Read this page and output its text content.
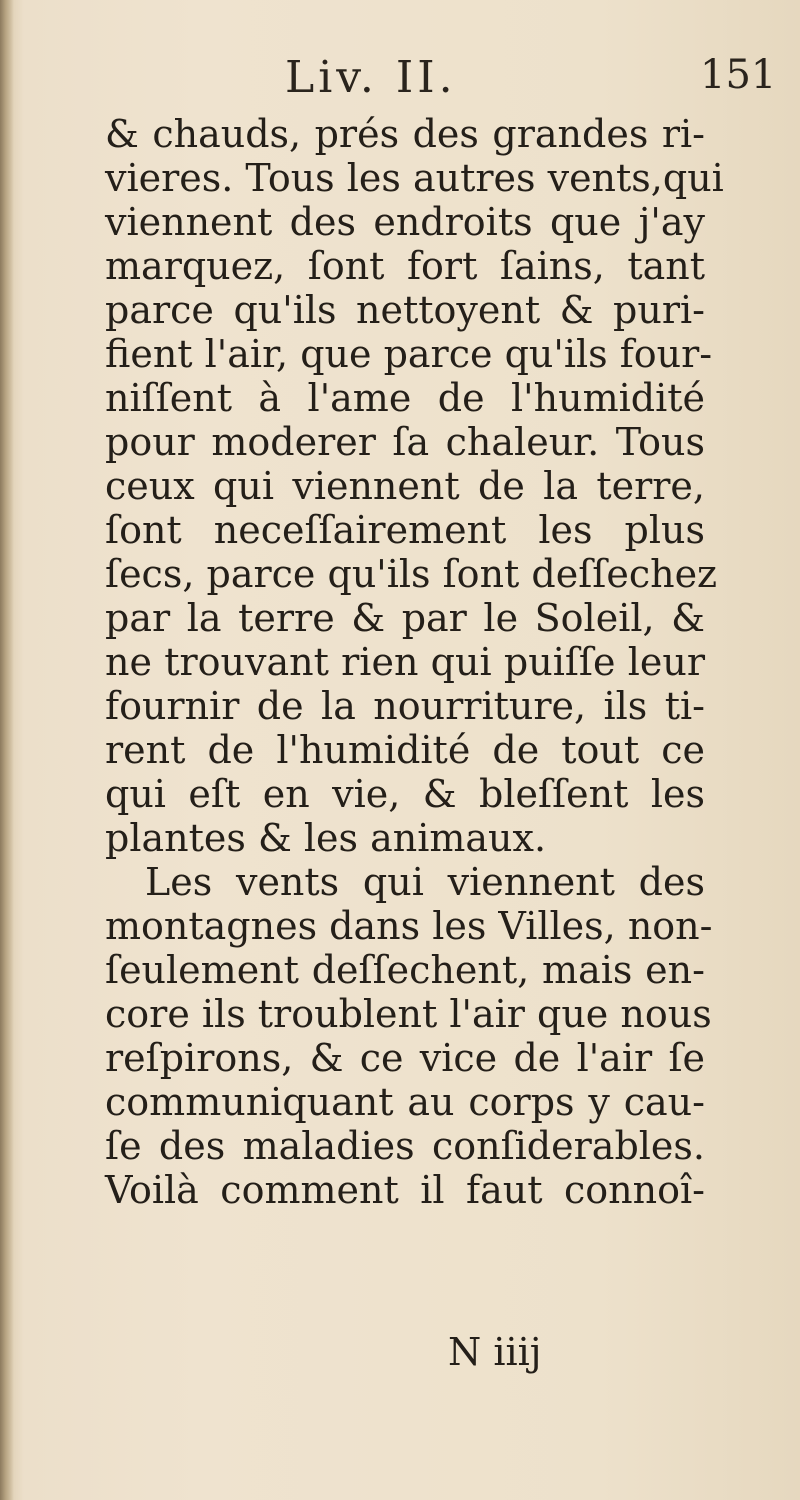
Liv. II.	151
& chauds, prés des grandes ri-
vieres. Tous les autres vents,qui
viennent des endroits que j'ay
marquez, ſont fort ſains, tant
parce qu'ils nettoyent & puri-
fient l'air, que parce qu'ils four-
niſſent à l'ame de l'humidité
pour moderer ſa chaleur. Tous
ceux qui viennent de la terre,
ſont neceſſairement les plus
ſecs, parce qu'ils ſont deſſechez
par la terre & par le Soleil, &
ne trouvant rien qui puiſſe leur
fournir de la nourriture, ils ti-
rent de l'humidité de tout ce
qui eſt en vie, & bleſſent les
plantes & les animaux.
Les vents qui viennent des
montagnes dans les Villes, non-
ſeulement deſſechent, mais en-
core ils troublent l'air que nous
reſpirons, & ce vice de l'air ſe
communiquant au corps y cau-
ſe des maladies conſiderables.
Voilà comment il faut connoî-
N iiij
